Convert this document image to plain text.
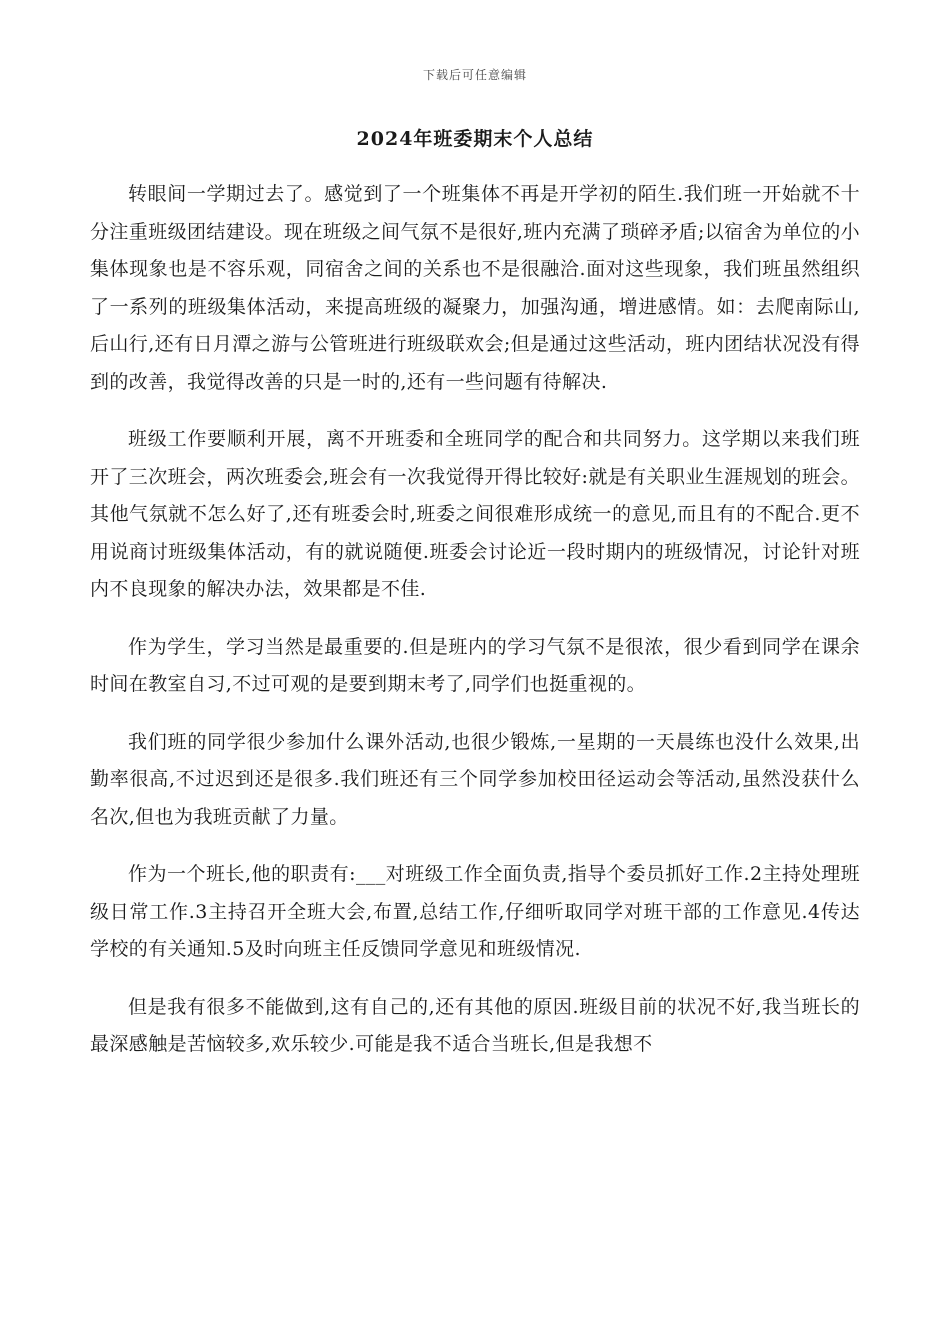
下载后可任意编辑
2024年班委期末个人总结

转眼间一学期过去了。感觉到了一个班集体不再是开学初的陌生.我们班一开始就不十分注重班级团结建设。现在班级之间气氛不是很好,班内充满了琐碎矛盾;以宿舍为单位的小集体现象也是不容乐观，同宿舍之间的关系也不是很融洽.面对这些现象，我们班虽然组织了一系列的班级集体活动，来提高班级的凝聚力，加强沟通，增进感情。如：去爬南际山,后山行,还有日月潭之游与公管班进行班级联欢会;但是通过这些活动，班内团结状况没有得到的改善，我觉得改善的只是一时的,还有一些问题有待解决.

班级工作要顺利开展，离不开班委和全班同学的配合和共同努力。这学期以来我们班开了三次班会，两次班委会,班会有一次我觉得开得比较好:就是有关职业生涯规划的班会。其他气氛就不怎么好了,还有班委会时,班委之间很难形成统一的意见,而且有的不配合.更不用说商讨班级集体活动，有的就说随便.班委会讨论近一段时期内的班级情况，讨论针对班内不良现象的解决办法，效果都是不佳.

作为学生，学习当然是最重要的.但是班内的学习气氛不是很浓，很少看到同学在课余时间在教室自习,不过可观的是要到期末考了,同学们也挺重视的。

我们班的同学很少参加什么课外活动,也很少锻炼,一星期的一天晨练也没什么效果,出勤率很高,不过迟到还是很多.我们班还有三个同学参加校田径运动会等活动,虽然没获什么名次,但也为我班贡献了力量。

作为一个班长,他的职责有:___对班级工作全面负责,指导个委员抓好工作.2主持处理班级日常工作.3主持召开全班大会,布置,总结工作,仔细听取同学对班干部的工作意见.4传达学校的有关通知.5及时向班主任反馈同学意见和班级情况.

但是我有很多不能做到,这有自己的,还有其他的原因.班级目前的状况不好,我当班长的最深感触是苦恼较多,欢乐较少.可能是我不适合当班长,但是我想不
